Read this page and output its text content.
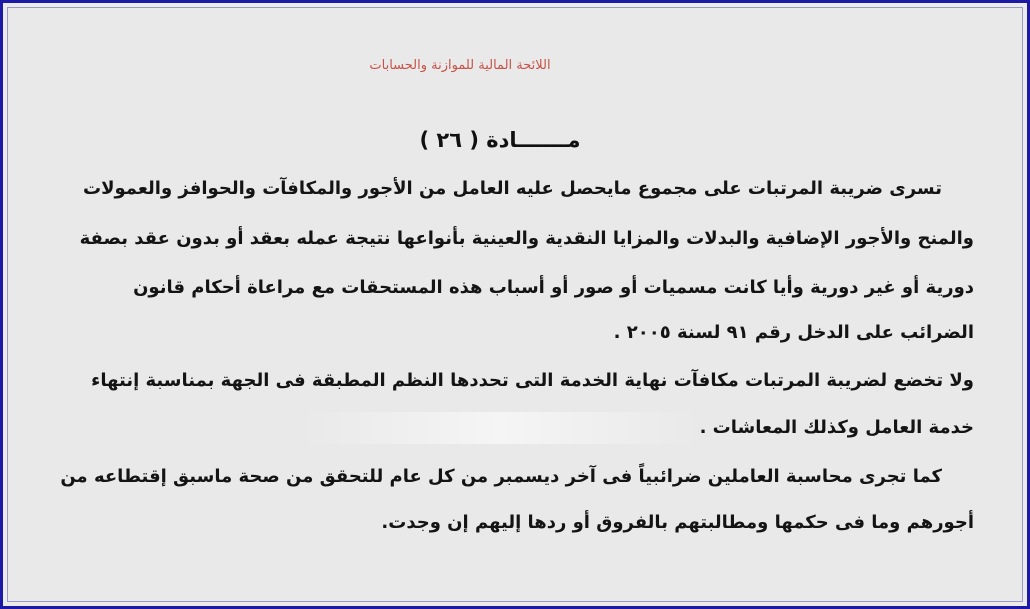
اللائحة المالية للموازنة والحسابات
مـــــــادة ( ٢٦ )
تسرى ضريبة المرتبات على مجموع مايحصل عليه العامل من الأجور والمكافآت والحوافز والعمولات
والمنح والأجور الإضافية والبدلات والمزايا النقدية والعينية بأنواعها نتيجة عمله بعقد أو بدون عقد بصفة
دورية أو غير دورية وأيا كانت مسميات أو صور أو أسباب هذه المستحقات مع مراعاة أحكام قانون
الضرائب على الدخل رقم ٩١ لسنة ٢٠٠٥ .
ولا تخضع لضريبة المرتبات مكافآت نهاية الخدمة التى تحددها النظم المطبقة فى الجهة بمناسبة إنتهاء
خدمة العامل وكذلك المعاشات .
كما تجرى محاسبة العاملين ضرائبياً فى آخر ديسمبر من كل عام للتحقق من صحة ماسبق إقتطاعه من
أجورهم وما فى حكمها ومطالبتهم بالفروق أو ردها إليهم إن وجدت.
